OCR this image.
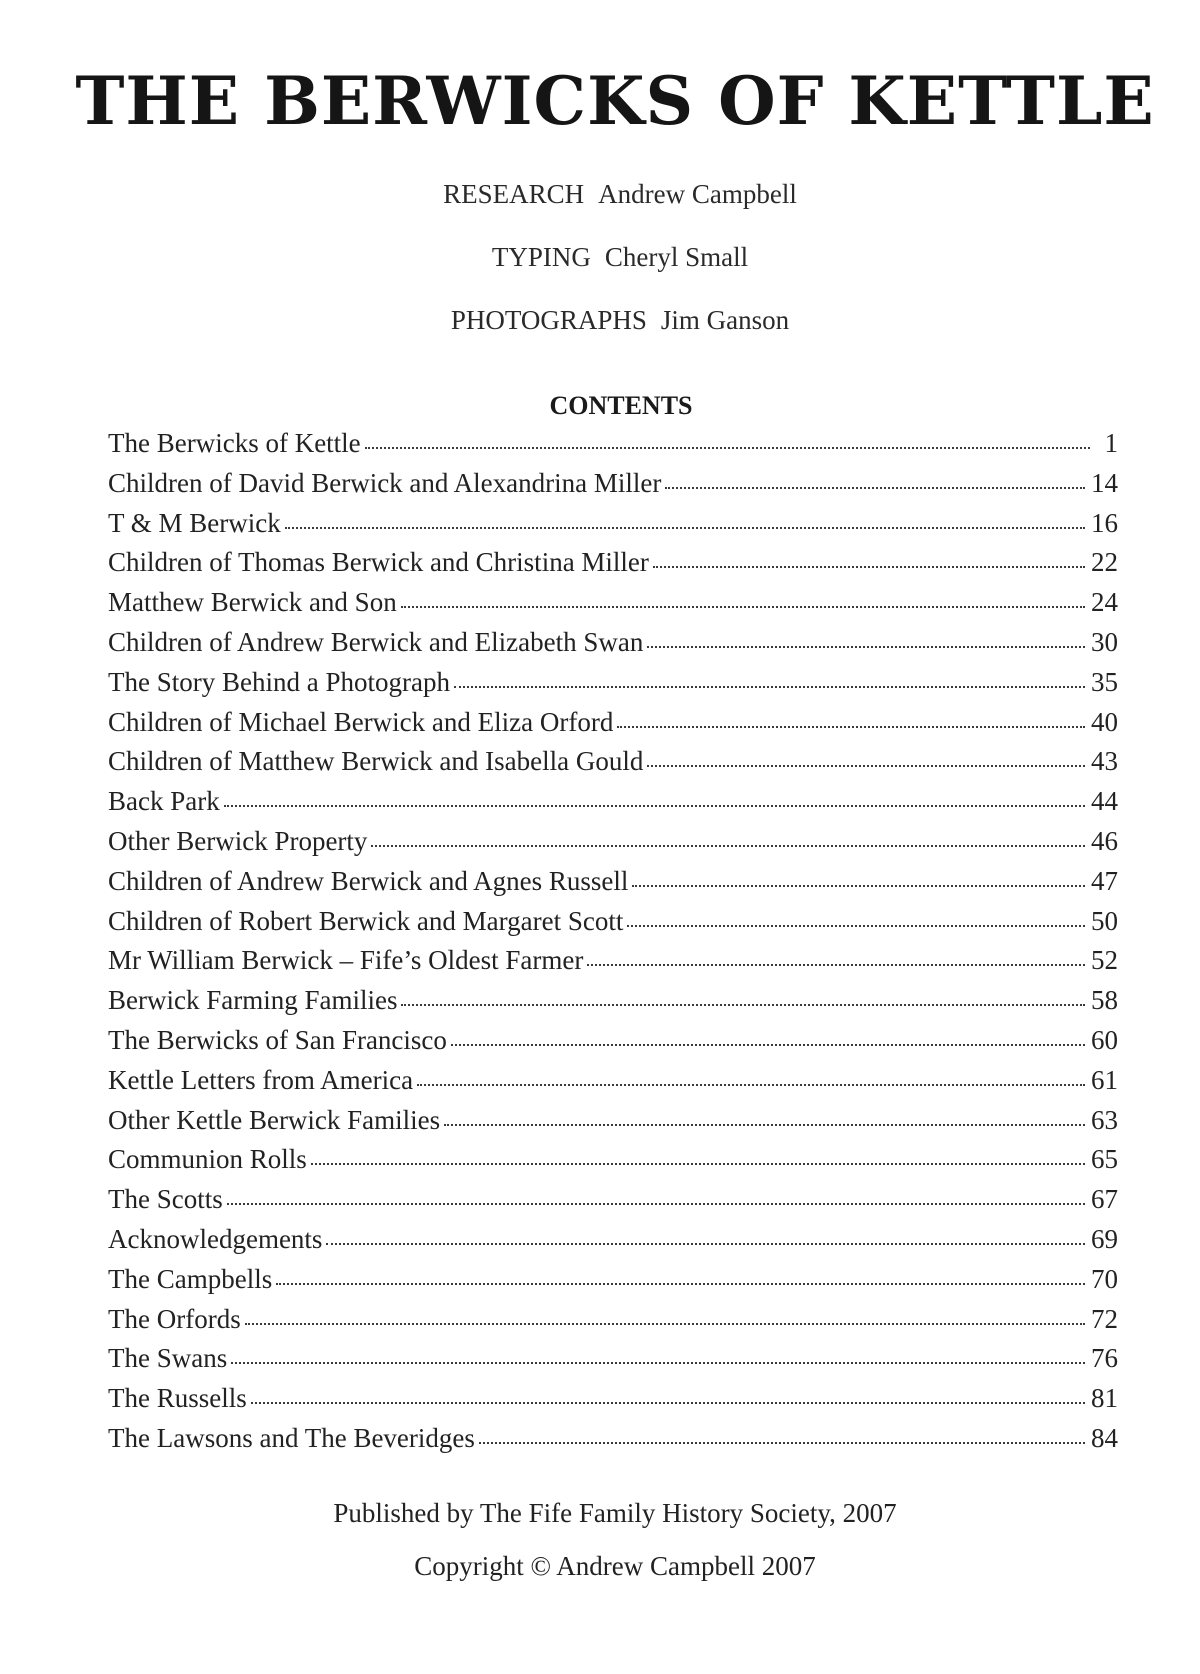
THE BERWICKS OF KETTLE
RESEARCH Andrew Campbell
TYPING Cheryl Small
PHOTOGRAPHS Jim Ganson
CONTENTS
The Berwicks of Kettle	1
Children of David Berwick and Alexandrina Miller	14
T & M Berwick	16
Children of Thomas Berwick and Christina Miller	22
Matthew Berwick and Son	24
Children of Andrew Berwick and Elizabeth Swan	30
The Story Behind a Photograph	35
Children of Michael Berwick and Eliza Orford	40
Children of Matthew Berwick and Isabella Gould	43
Back Park	44
Other Berwick Property	46
Children of Andrew Berwick and Agnes Russell	47
Children of Robert Berwick and Margaret Scott	50
Mr William Berwick – Fife’s Oldest Farmer	52
Berwick Farming Families	58
The Berwicks of San Francisco	60
Kettle Letters from America	61
Other Kettle Berwick Families	63
Communion Rolls	65
The Scotts	67
Acknowledgements	69
The Campbells	70
The Orfords	72
The Swans	76
The Russells	81
The Lawsons and The Beveridges	84
Published by The Fife Family History Society, 2007
Copyright © Andrew Campbell 2007
